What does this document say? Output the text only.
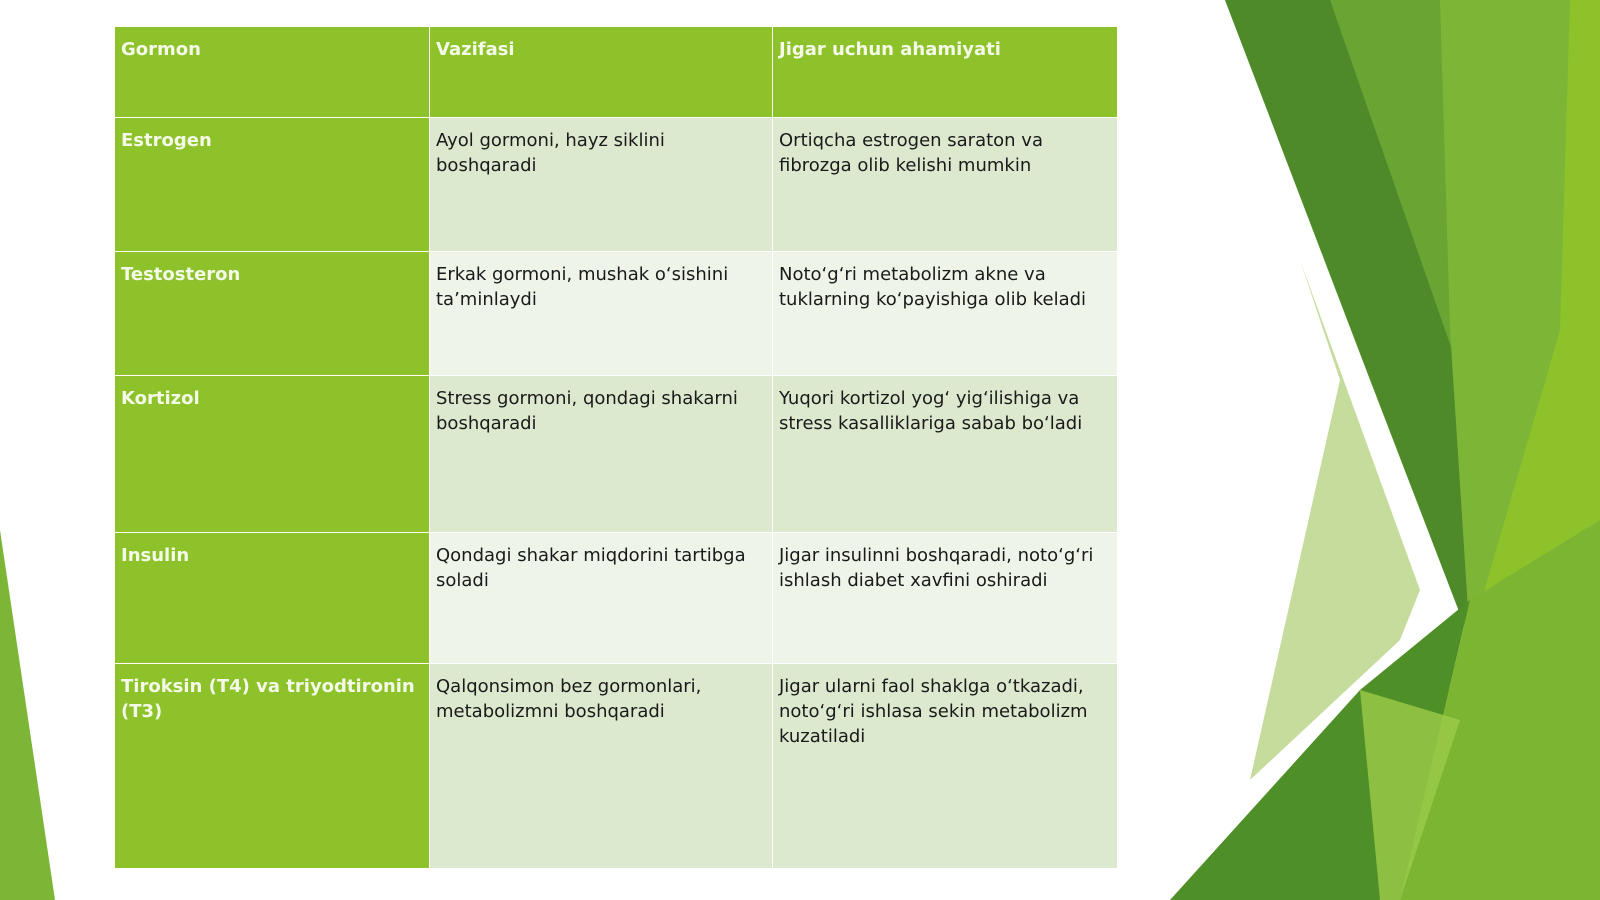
Gormon	Vazifasi	Jigar uchun ahamiyati
Estrogen	Ayol gormoni, hayz siklini boshqaradi	Ortiqcha estrogen saraton va fibrozga olib kelishi mumkin
Testosteron	Erkak gormoni, mushak o‘sishini ta’minlaydi	Noto‘g‘ri metabolizm akne va tuklarning ko‘payishiga olib keladi
Kortizol	Stress gormoni, qondagi shakarni boshqaradi	Yuqori kortizol yog‘ yig‘ilishiga va stress kasalliklariga sabab bo‘ladi
Insulin	Qondagi shakar miqdorini tartibga soladi	Jigar insulinni boshqaradi, noto‘g‘ri ishlash diabet xavfini oshiradi
Tiroksin (T4) va triyodtironin (T3)	Qalqonsimon bez gormonlari, metabolizmni boshqaradi	Jigar ularni faol shaklga o‘tkazadi, noto‘g‘ri ishlasa sekin metabolizm kuzatiladi
